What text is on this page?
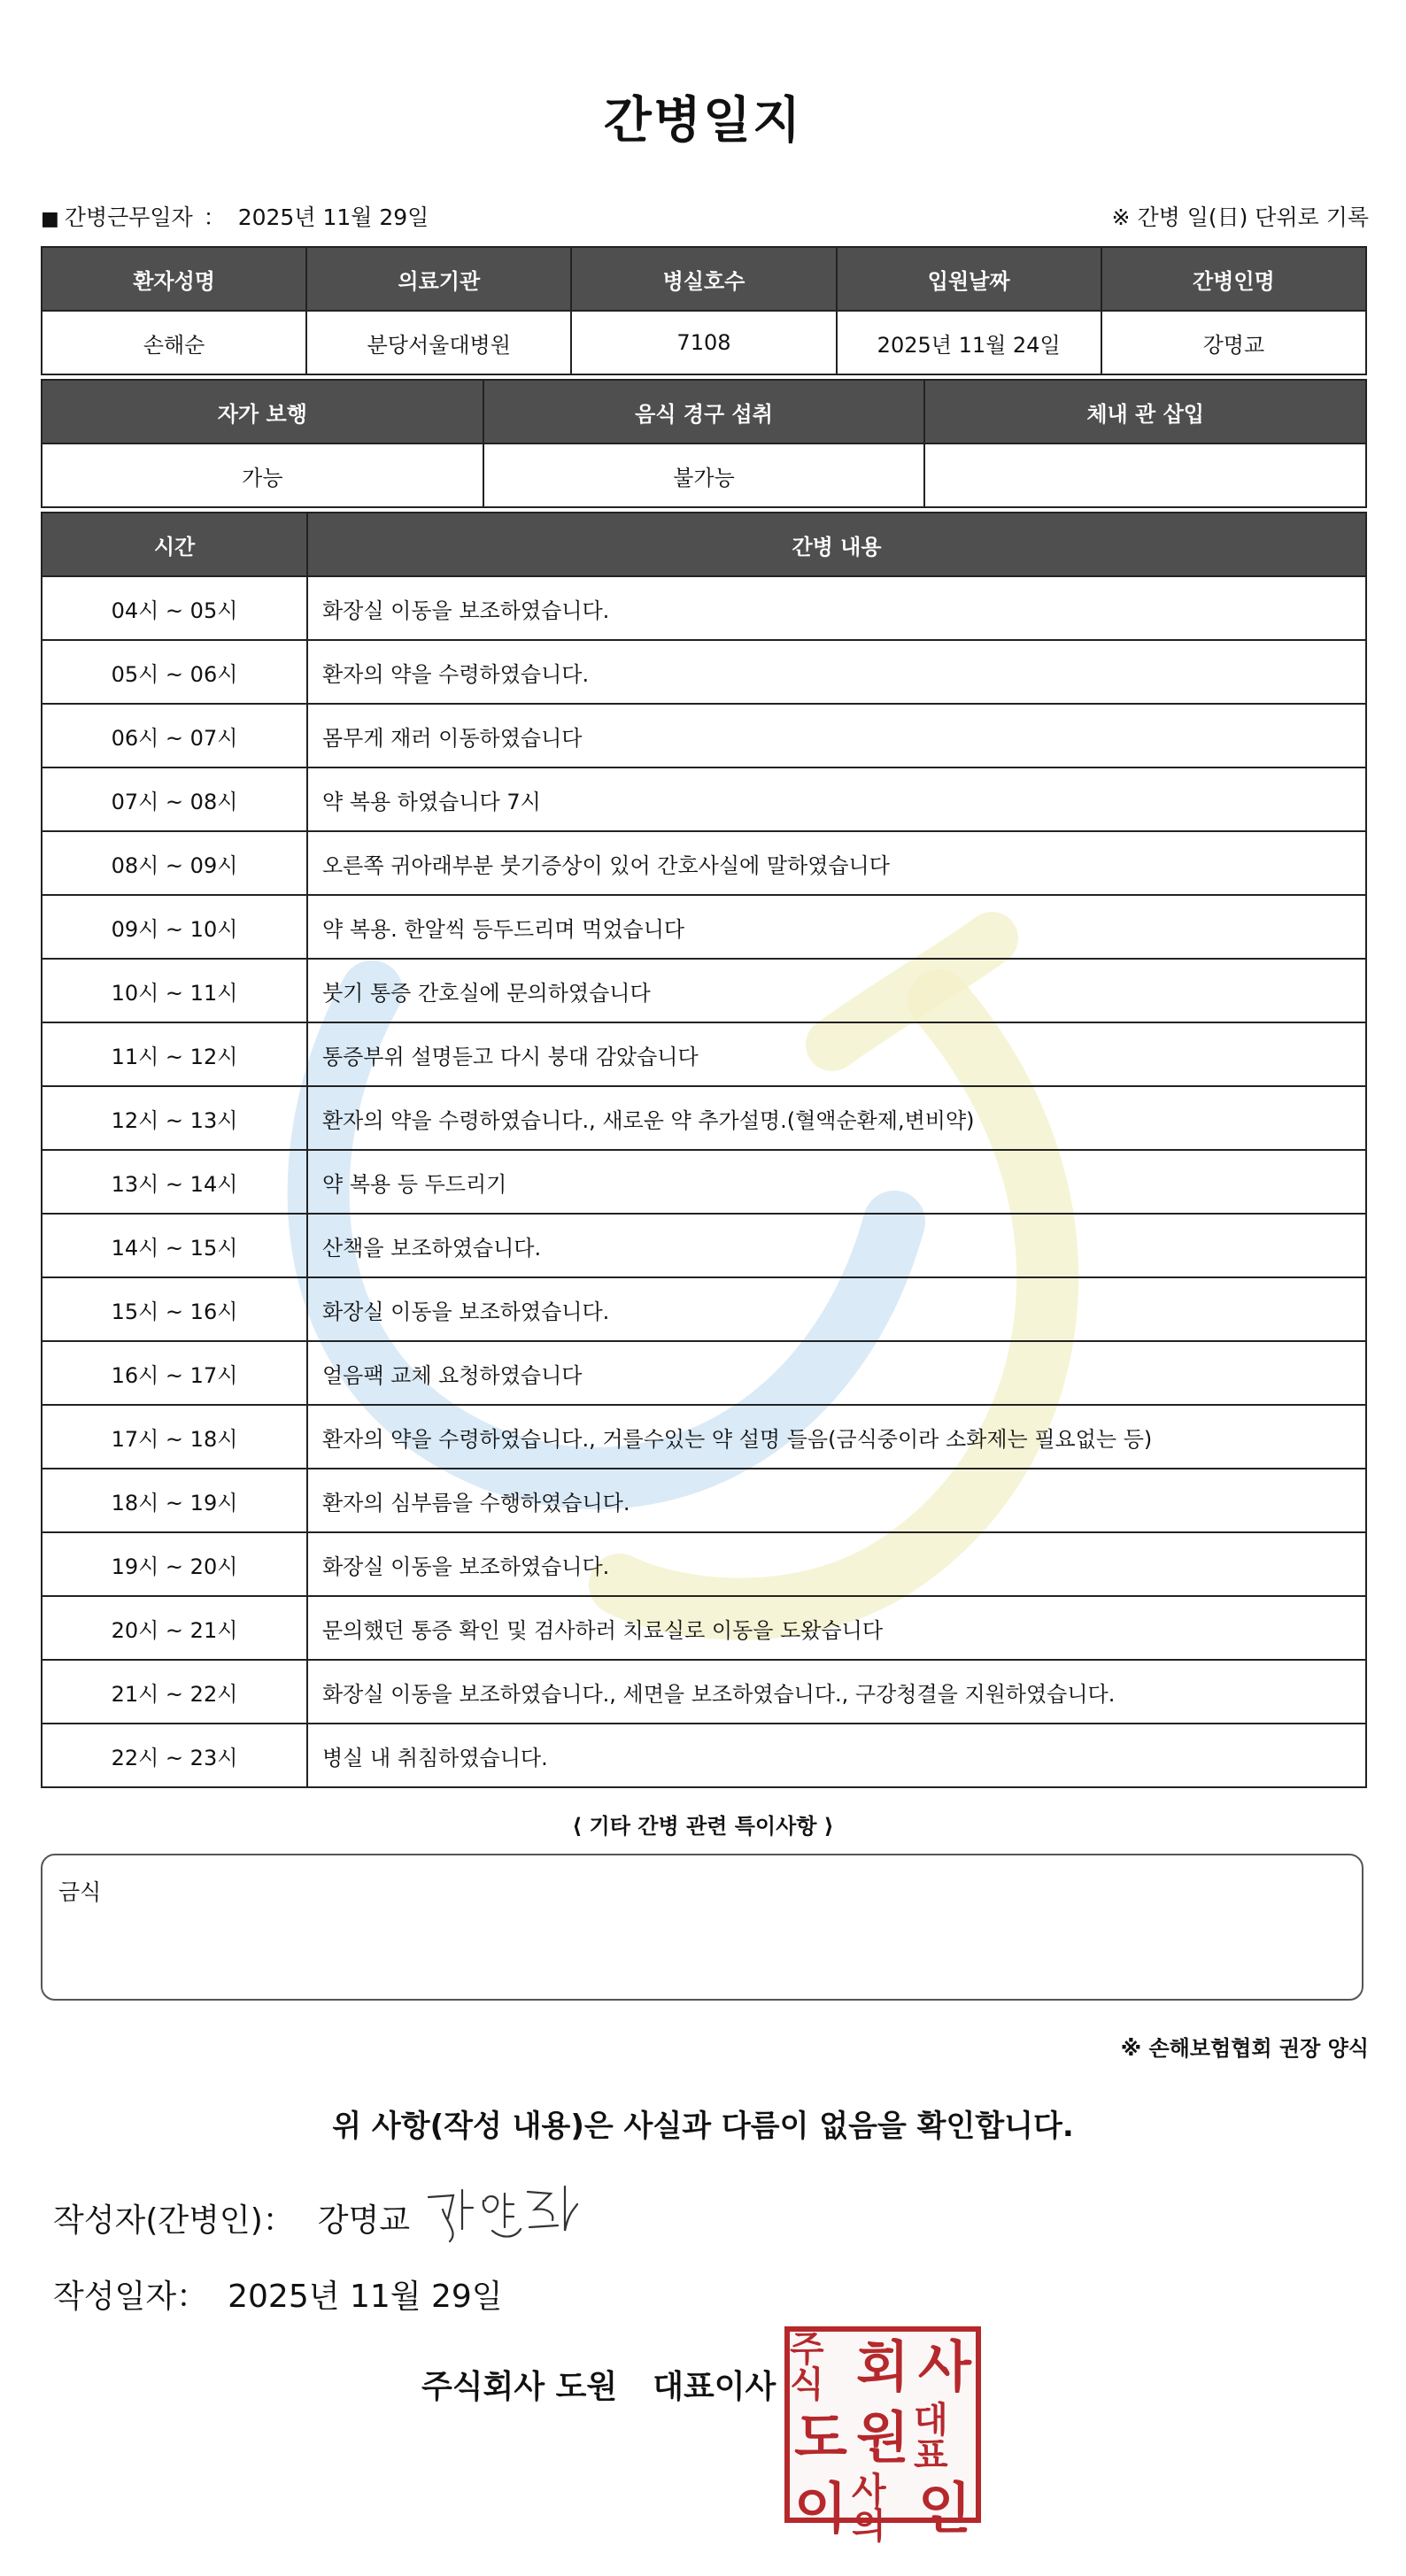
간병일지
■ 간병근무일자 ： 2025년 11월 29일	※ 간병 일(日) 단위로 기록
환자성명	의료기관	병실호수	입원날짜	간병인명
손해순	분당서울대병원	7108	2025년 11월 24일	강명교
자가 보행	음식 경구 섭취	체내 관 삽입
가능	불가능	
시간	간병 내용
04시 ~ 05시	화장실 이동을 보조하였습니다.
05시 ~ 06시	환자의 약을 수령하였습니다.
06시 ~ 07시	몸무게 재러 이동하였습니다
07시 ~ 08시	약 복용 하였습니다 7시
08시 ~ 09시	오른쪽 귀아래부분 붓기증상이 있어 간호사실에 말하였습니다
09시 ~ 10시	약 복용. 한알씩 등두드리며 먹었습니다
10시 ~ 11시	붓기 통증 간호실에 문의하였습니다
11시 ~ 12시	통증부위 설명듣고 다시 붕대 감았습니다
12시 ~ 13시	환자의 약을 수령하였습니다., 새로운 약 추가설명.(혈액순환제,변비약)
13시 ~ 14시	약 복용 등 두드리기
14시 ~ 15시	산책을 보조하였습니다.
15시 ~ 16시	화장실 이동을 보조하였습니다.
16시 ~ 17시	얼음팩 교체 요청하였습니다
17시 ~ 18시	환자의 약을 수령하였습니다., 거를수있는 약 설명 들음(금식중이라 소화제는 필요없는 등)
18시 ~ 19시	환자의 심부름을 수행하였습니다.
19시 ~ 20시	화장실 이동을 보조하였습니다.
20시 ~ 21시	문의했던 통증 확인 및 검사하러 치료실로 이동을 도왔습니다
21시 ~ 22시	화장실 이동을 보조하였습니다., 세면을 보조하였습니다., 구강청결을 지원하였습니다.
22시 ~ 23시	병실 내 취침하였습니다.
⟨ 기타 간병 관련 특이사항 ⟩
금식
※ 손해보험협회 권장 양식
위 사항(작성 내용)은 사실과 다름이 없음을 확인합니다.
작성자(간병인)： 강명교
작성일자： 2025년 11월 29일
주식회사 도원 대표이사
주식 회 사
도 원 대표
이 사의 인
